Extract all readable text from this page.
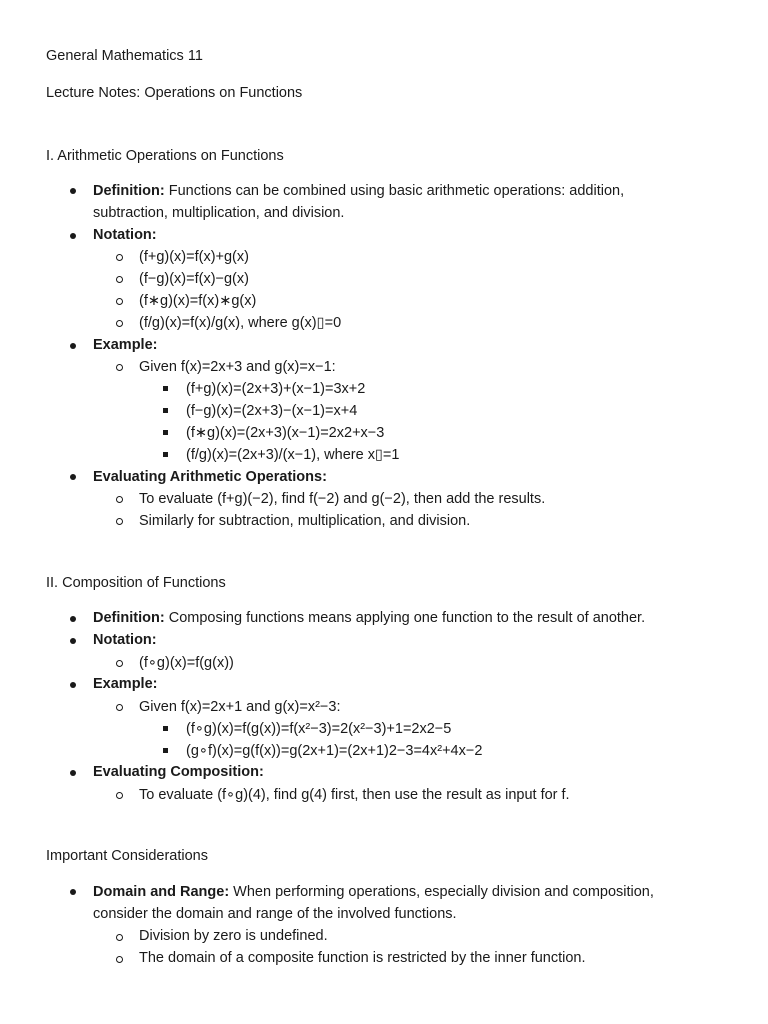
General Mathematics 11
Lecture Notes: Operations on Functions
I. Arithmetic Operations on Functions
Definition: Functions can be combined using basic arithmetic operations: addition,
subtraction, multiplication, and division.
Notation:
(f+g)(x)=f(x)+g(x)
(f−g)(x)=f(x)−g(x)
(f∗g)(x)=f(x)∗g(x)
(f/g)(x)=f(x)/g(x), where g(x)▯=0
Example:
Given f(x)=2x+3 and g(x)=x−1:
(f+g)(x)=(2x+3)+(x−1)=3x+2
(f−g)(x)=(2x+3)−(x−1)=x+4
(f∗g)(x)=(2x+3)(x−1)=2x2+x−3
(f/g)(x)=(2x+3)/(x−1), where x▯=1
Evaluating Arithmetic Operations:
To evaluate (f+g)(−2), find f(−2) and g(−2), then add the results.
Similarly for subtraction, multiplication, and division.
II. Composition of Functions
Definition: Composing functions means applying one function to the result of another.
Notation:
(f∘g)(x)=f(g(x))
Example:
Given f(x)=2x+1 and g(x)=x²−3:
(f∘g)(x)=f(g(x))=f(x²−3)=2(x²−3)+1=2x2−5
(g∘f)(x)=g(f(x))=g(2x+1)=(2x+1)2−3=4x²+4x−2
Evaluating Composition:
To evaluate (f∘g)(4), find g(4) first, then use the result as input for f.
Important Considerations
Domain and Range: When performing operations, especially division and composition,
consider the domain and range of the involved functions.
Division by zero is undefined.
The domain of a composite function is restricted by the inner function.
